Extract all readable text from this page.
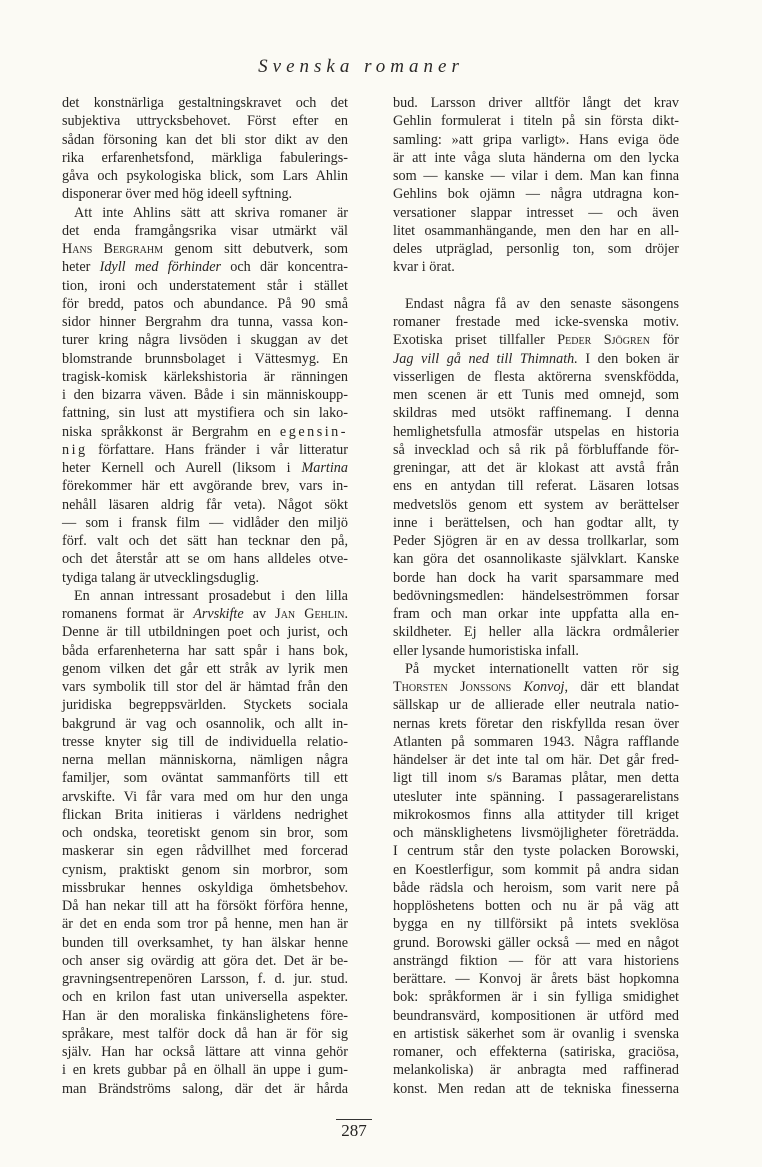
Svenska romaner
det konstnärliga gestaltningskravet och det
subjektiva uttrycksbehovet. Först efter en
sådan försoning kan det bli stor dikt av den
rika erfarenhetsfond, märkliga fabulerings-
gåva och psykologiska blick, som Lars Ahlin
disponerar över med hög ideell syftning.
Att inte Ahlins sätt att skriva romaner är
det enda framgångsrika visar utmärkt väl
Hans Bergrahm genom sitt debutverk, som
heter Idyll med förhinder och där koncentra-
tion, ironi och understatement står i stället
för bredd, patos och abundance. På 90 små
sidor hinner Bergrahm dra tunna, vassa kon-
turer kring några livsöden i skuggan av det
blomstrande brunnsbolaget i Vättesmyg. En
tragisk-komisk kärlekshistoria är ränningen
i den bizarra väven. Både i sin människoupp-
fattning, sin lust att mystifiera och sin lako-
niska språkkonst är Bergrahm en egensin-
nig författare. Hans fränder i vår litteratur
heter Kernell och Aurell (liksom i Martina
förekommer här ett avgörande brev, vars in-
nehåll läsaren aldrig får veta). Något sökt
— som i fransk film — vidlåder den miljö
förf. valt och det sätt han tecknar den på,
och det återstår att se om hans alldeles otve-
tydiga talang är utvecklingsduglig.
En annan intressant prosadebut i den lilla
romanens format är Arvskifte av Jan Gehlin.
Denne är till utbildningen poet och jurist, och
båda erfarenheterna har satt spår i hans bok,
genom vilken det går ett stråk av lyrik men
vars symbolik till stor del är hämtad från den
juridiska begreppsvärlden. Styckets sociala
bakgrund är vag och osannolik, och allt in-
tresse knyter sig till de individuella relatio-
nerna mellan människorna, nämligen några
familjer, som oväntat sammanförts till ett
arvskifte. Vi får vara med om hur den unga
flickan Brita initieras i världens nedrighet
och ondska, teoretiskt genom sin bror, som
maskerar sin egen rådvillhet med forcerad
cynism, praktiskt genom sin morbror, som
missbrukar hennes oskyldiga ömhetsbehov.
Då han nekar till att ha försökt förföra henne,
är det en enda som tror på henne, men han är
bunden till overksamhet, ty han älskar henne
och anser sig ovärdig att göra det. Det är be-
gravningsentrepenören Larsson, f. d. jur. stud.
och en krilon fast utan universella aspekter.
Han är den moraliska finkänslighetens före-
språkare, mest talför dock då han är för sig
själv. Han har också lättare att vinna gehör
i en krets gubbar på en ölhall än uppe i gum-
man Brändströms salong, där det är hårda
bud. Larsson driver alltför långt det krav
Gehlin formulerat i titeln på sin första dikt-
samling: »att gripa varligt». Hans eviga öde
är att inte våga sluta händerna om den lycka
som — kanske — vilar i dem. Man kan finna
Gehlins bok ojämn — några utdragna kon-
versationer slappar intresset — och även
litet osammanhängande, men den har en all-
deles utpräglad, personlig ton, som dröjer
kvar i örat.
Endast några få av den senaste säsongens
romaner frestade med icke-svenska motiv.
Exotiska priset tillfaller Peder Sjögren för
Jag vill gå ned till Thimnath. I den boken är
visserligen de flesta aktörerna svenskfödda,
men scenen är ett Tunis med omnejd, som
skildras med utsökt raffinemang. I denna
hemlighetsfulla atmosfär utspelas en historia
så invecklad och så rik på förbluffande för-
greningar, att det är klokast att avstå från
ens en antydan till referat. Läsaren lotsas
medvetslös genom ett system av berättelser
inne i berättelsen, och han godtar allt, ty
Peder Sjögren är en av dessa trollkarlar, som
kan göra det osannolikaste självklart. Kanske
borde han dock ha varit sparsammare med
bedövningsmedlen: händelseströmmen forsar
fram och man orkar inte uppfatta alla en-
skildheter. Ej heller alla läckra ordmålerier
eller lysande humoristiska infall.
På mycket internationellt vatten rör sig
Thorsten Jonssons Konvoj, där ett blandat
sällskap ur de allierade eller neutrala natio-
nernas krets företar den riskfyllda resan över
Atlanten på sommaren 1943. Några rafflande
händelser är det inte tal om här. Det går fred-
ligt till inom s/s Baramas plåtar, men detta
utesluter inte spänning. I passagerarelistans
mikrokosmos finns alla attityder till kriget
och mänsklighetens livsmöjligheter företrädda.
I centrum står den tyste polacken Borowski,
en Koestlerfigur, som kommit på andra sidan
både rädsla och heroism, som varit nere på
hopplöshetens botten och nu är på väg att
bygga en ny tillförsikt på intets sveklösa
grund. Borowski gäller också — med en något
ansträngd fiktion — för att vara historiens
berättare. — Konvoj är årets bäst hopkomna
bok: språkformen är i sin fylliga smidighet
beundransvärd, kompositionen är utförd med
en artistisk säkerhet som är ovanlig i svenska
romaner, och effekterna (satiriska, graciösa,
melankoliska) är anbragta med raffinerad
konst. Men redan att de tekniska finesserna
287
